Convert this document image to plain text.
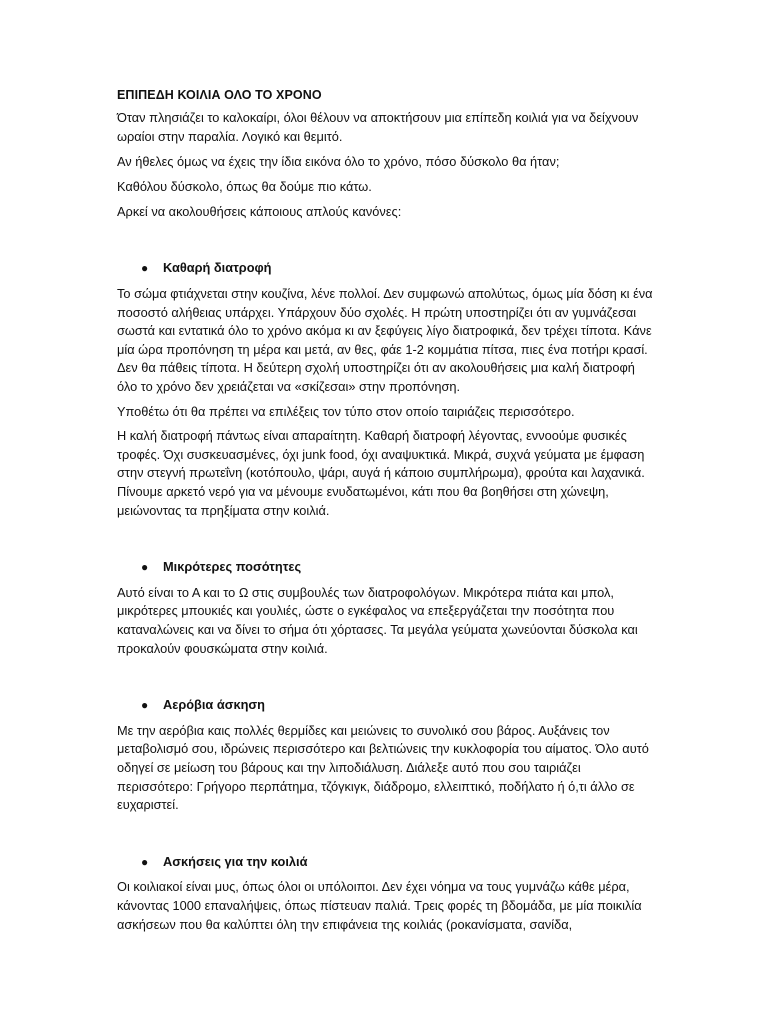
ΕΠΙΠΕΔΗ ΚΟΙΛΙΑ ΟΛΟ ΤΟ ΧΡΟΝΟ

Όταν πλησιάζει το καλοκαίρι, όλοι θέλουν να αποκτήσουν μια επίπεδη κοιλιά για να δείχνουν ωραίοι στην παραλία. Λογικό και θεμιτό.

Αν ήθελες όμως να έχεις την ίδια εικόνα όλο το χρόνο, πόσο δύσκολο θα ήταν;

Καθόλου δύσκολο, όπως θα δούμε πιο κάτω.

Αρκεί να ακολουθήσεις κάποιους απλούς κανόνες:

●	Καθαρή διατροφή

Το σώμα φτιάχνεται στην κουζίνα, λένε πολλοί. Δεν συμφωνώ απολύτως, όμως μία δόση κι ένα ποσοστό αλήθειας υπάρχει. Υπάρχουν δύο σχολές. Η πρώτη υποστηρίζει ότι αν γυμνάζεσαι σωστά και εντατικά όλο το χρόνο ακόμα κι αν ξεφύγεις λίγο διατροφικά, δεν τρέχει τίποτα. Κάνε μία ώρα προπόνηση τη μέρα και μετά, αν θες, φάε 1-2 κομμάτια πίτσα, πιες ένα ποτήρι κρασί. Δεν θα πάθεις τίποτα. Η δεύτερη σχολή υποστηρίζει ότι αν ακολουθήσεις μια καλή διατροφή όλο το χρόνο δεν χρειάζεται να «σκίζεσαι» στην προπόνηση.

Υποθέτω ότι θα πρέπει να επιλέξεις τον τύπο στον οποίο ταιριάζεις περισσότερο.

Η καλή διατροφή πάντως είναι απαραίτητη. Καθαρή διατροφή λέγοντας, εννοούμε φυσικές τροφές. Όχι συσκευασμένες, όχι junk food, όχι αναψυκτικά. Μικρά, συχνά γεύματα με έμφαση στην στεγνή πρωτεΐνη (κοτόπουλο, ψάρι, αυγά ή κάποιο συμπλήρωμα), φρούτα και λαχανικά. Πίνουμε αρκετό νερό για να μένουμε ενυδατωμένοι, κάτι που θα βοηθήσει στη χώνεψη, μειώνοντας τα πρηξίματα στην κοιλιά.

●	Μικρότερες ποσότητες

Αυτό είναι το Α και το Ω στις συμβουλές των διατροφολόγων. Μικρότερα πιάτα και μπολ, μικρότερες μπουκιές και γουλιές, ώστε ο εγκέφαλος να επεξεργάζεται την ποσότητα που καταναλώνεις και να δίνει το σήμα ότι χόρτασες. Τα μεγάλα γεύματα χωνεύονται δύσκολα και προκαλούν φουσκώματα στην κοιλιά.

●	Αερόβια άσκηση

Με την αερόβια καις πολλές θερμίδες και μειώνεις το συνολικό σου βάρος. Αυξάνεις τον μεταβολισμό σου, ιδρώνεις περισσότερο και βελτιώνεις την κυκλοφορία του αίματος. Όλο αυτό οδηγεί σε μείωση του βάρους και την λιποδιάλυση. Διάλεξε αυτό που σου ταιριάζει περισσότερο: Γρήγορο περπάτημα, τζόγκιγκ, διάδρομο, ελλειπτικό, ποδήλατο ή ό,τι άλλο σε ευχαριστεί.

●	Ασκήσεις για την κοιλιά

Οι κοιλιακοί είναι μυς, όπως όλοι οι υπόλοιποι. Δεν έχει νόημα να τους γυμνάζω κάθε μέρα, κάνοντας 1000 επαναλήψεις, όπως πίστευαν παλιά. Τρεις φορές τη βδομάδα, με μία ποικιλία ασκήσεων που θα καλύπτει όλη την επιφάνεια της κοιλιάς (ροκανίσματα, σανίδα,
